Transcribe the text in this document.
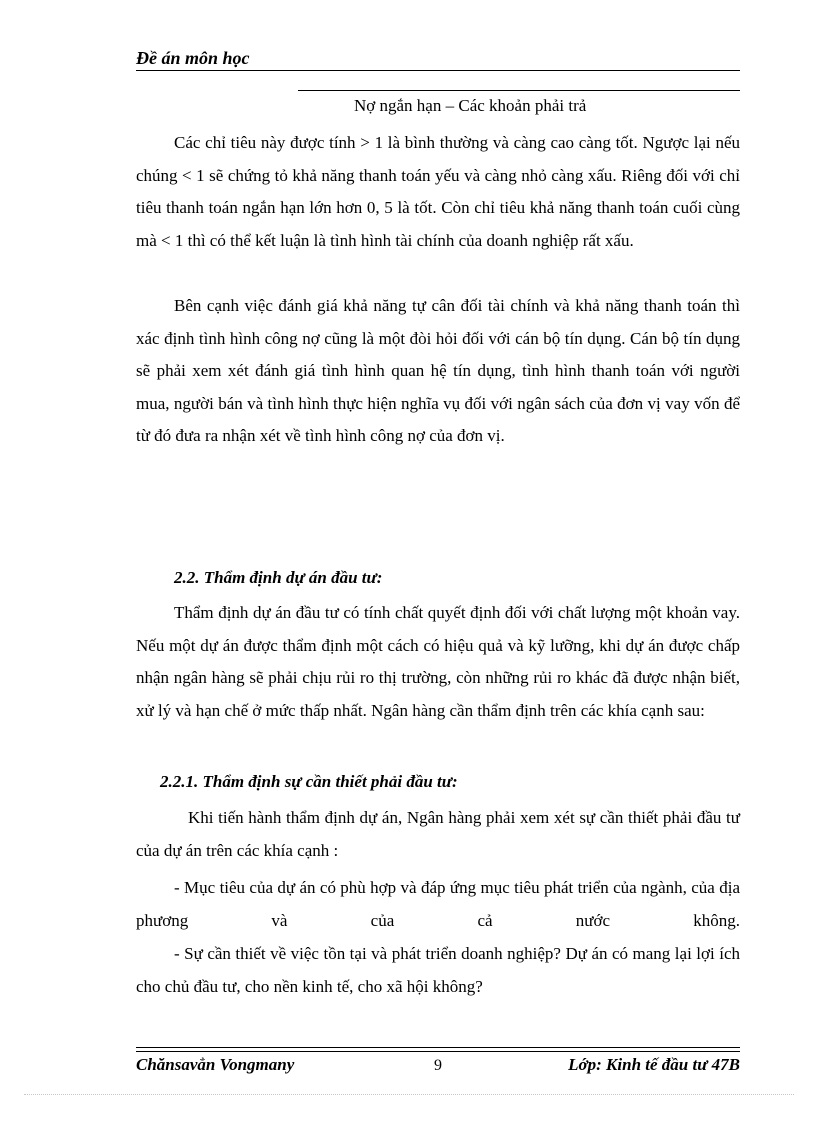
Đề án môn học
Nợ ngắn hạn – Các khoản phải trả

Các chỉ tiêu này được tính > 1 là bình thường và càng cao càng tốt. Ngược lại nếu chúng < 1 sẽ chứng tỏ khả năng thanh toán yếu và càng nhỏ càng xấu. Riêng đối với chỉ tiêu thanh toán ngắn hạn lớn hơn 0, 5 là tốt. Còn chỉ tiêu khả năng thanh toán cuối cùng mà < 1 thì có thể kết luận là tình hình tài chính của doanh nghiệp rất xấu.

Bên cạnh việc đánh giá khả năng tự cân đối tài chính và khả năng thanh toán thì xác định tình hình công nợ cũng là một đòi hỏi đối với cán bộ tín dụng. Cán bộ tín dụng sẽ phải xem xét đánh giá tình hình quan hệ tín dụng, tình hình thanh toán với người mua, người bán và tình hình thực hiện nghĩa vụ đối với ngân sách của đơn vị vay vốn để từ đó đưa ra nhận xét về tình hình công nợ của đơn vị.

2.2. Thẩm định dự án đầu tư:

Thẩm định dự án đầu tư có tính chất quyết định đối với chất lượng một khoản vay. Nếu một dự án được thẩm định một cách có hiệu quả và kỹ lưỡng, khi dự án được chấp nhận ngân hàng sẽ phải chịu rủi ro thị trường, còn những rủi ro khác đã được nhận biết, xử lý và hạn chế ở mức thấp nhất. Ngân hàng cần thẩm định trên các khía cạnh sau:

2.2.1. Thẩm định sự cần thiết phải đầu tư:

Khi tiến hành thẩm định dự án, Ngân hàng phải xem xét sự cần thiết phải đầu tư của dự án trên các khía cạnh :

- Mục tiêu của dự án có phù hợp và đáp ứng mục tiêu phát triển của ngành, của địa phương và của cả nước không.

- Sự cần thiết về việc tồn tại và phát triển doanh nghiệp? Dự án có mang lại lợi ích cho chủ đầu tư, cho nền kinh tế, cho xã hội không?

Chănsavẳn Vongmany	9	Lớp: Kinh tế đầu tư 47B
